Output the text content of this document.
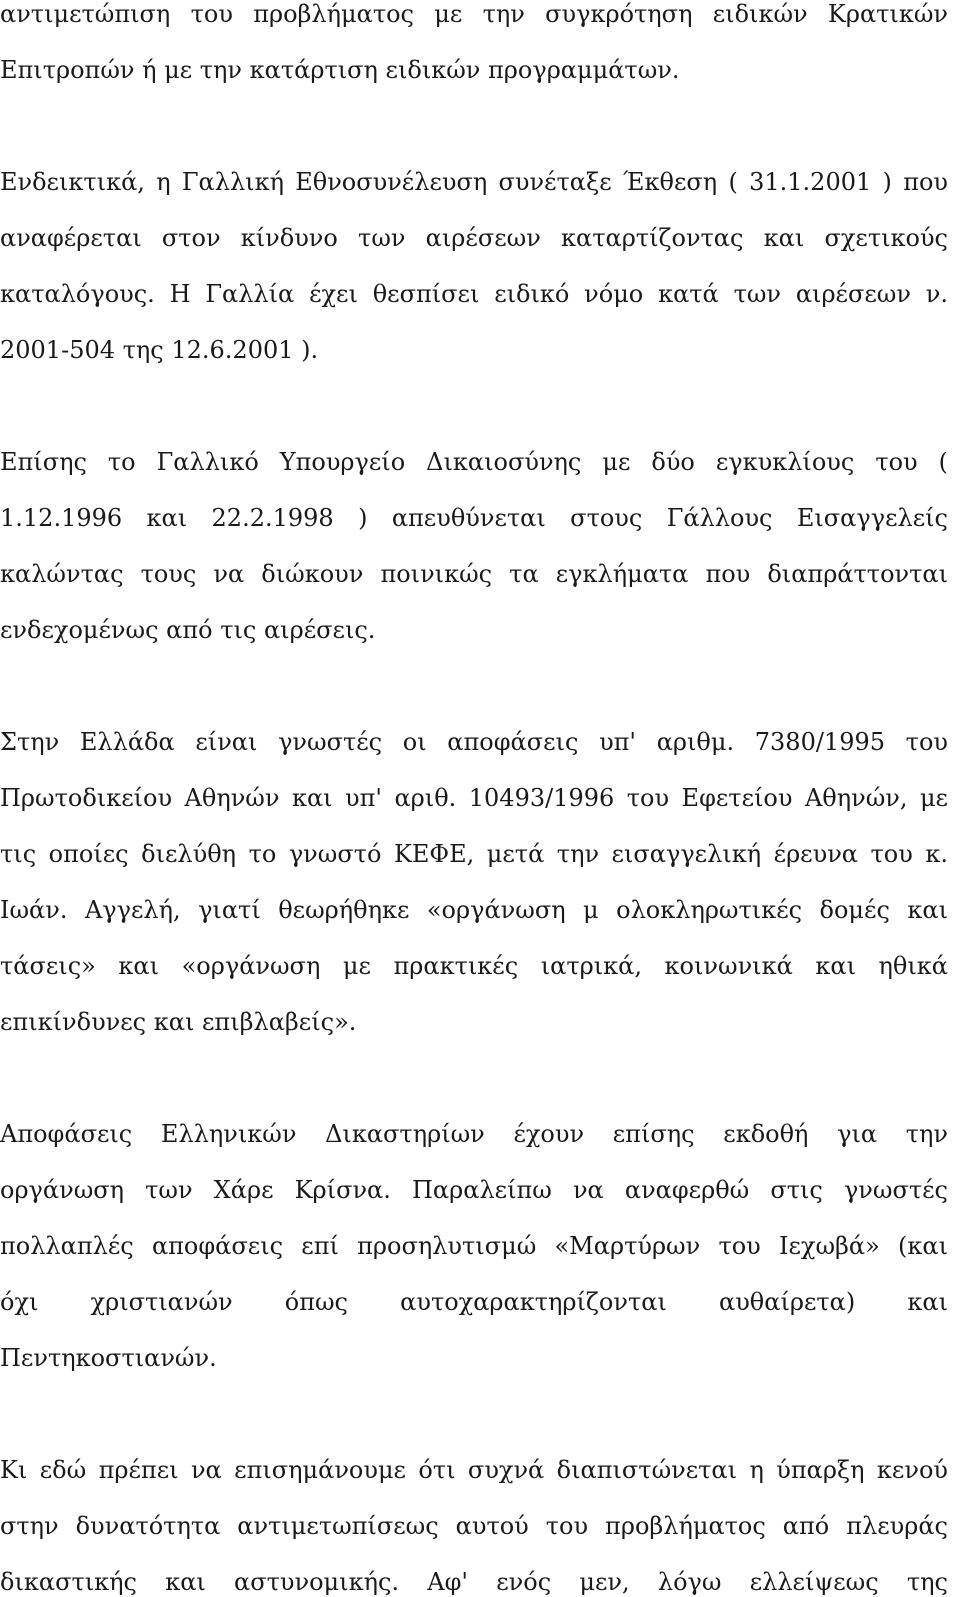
αντιμετώπιση του προβλήματος με την συγκρότηση ειδικών Κρατικών
Επιτροπών ή με την κατάρτιση ειδικών προγραμμάτων.
Ενδεικτικά, η Γαλλική Εθνοσυνέλευση συνέταξε Έκθεση ( 31.1.2001 ) που
αναφέρεται στον κίνδυνο των αιρέσεων καταρτίζοντας και σχετικούς
καταλόγους. Η Γαλλία έχει θεσπίσει ειδικό νόμο κατά των αιρέσεων ν.
2001-504 της 12.6.2001 ).
Επίσης το Γαλλικό Υπουργείο Δικαιοσύνης με δύο εγκυκλίους του (
1.12.1996 και 22.2.1998 ) απευθύνεται στους Γάλλους Εισαγγελείς
καλώντας τους να διώκουν ποινικώς τα εγκλήματα που διαπράττονται
ενδεχομένως από τις αιρέσεις.
Στην Ελλάδα είναι γνωστές οι αποφάσεις υπ' αριθμ. 7380/1995 του
Πρωτοδικείου Αθηνών και υπ' αριθ. 10493/1996 του Εφετείου Αθηνών, με
τις οποίες διελύθη το γνωστό ΚΕΦΕ, μετά την εισαγγελική έρευνα του κ.
Ιωάν. Αγγελή, γιατί θεωρήθηκε «οργάνωση μ ολοκληρωτικές δομές και
τάσεις» και «οργάνωση με πρακτικές ιατρικά, κοινωνικά και ηθικά
επικίνδυνες και επιβλαβείς».
Αποφάσεις Ελληνικών Δικαστηρίων έχουν επίσης εκδοθή για την
οργάνωση των Χάρε Κρίσνα. Παραλείπω να αναφερθώ στις γνωστές
πολλαπλές αποφάσεις επί προσηλυτισμώ «Μαρτύρων του Ιεχωβά» (και
όχι χριστιανών όπως αυτοχαρακτηρίζονται αυθαίρετα) και
Πεντηκοστιανών.
Κι εδώ πρέπει να επισημάνουμε ότι συχνά διαπιστώνεται η ύπαρξη κενού
στην δυνατότητα αντιμετωπίσεως αυτού του προβλήματος από πλευράς
δικαστικής και αστυνομικής. Αφ' ενός μεν, λόγω ελλείψεως της
